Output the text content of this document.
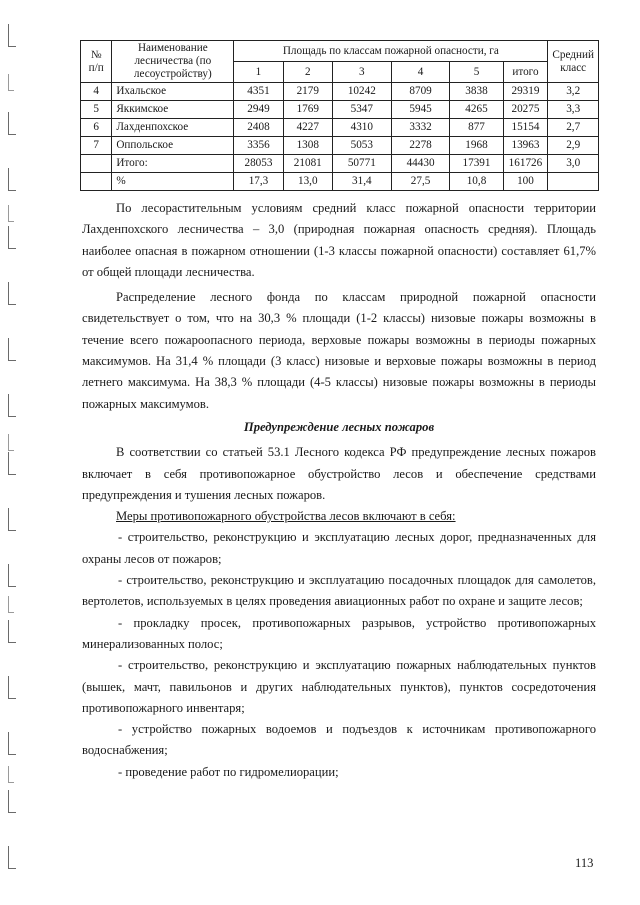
№ п/п	Наименование лесничества (по лесоустройству)	Площадь по классам пожарной опасности, га						Средний класс
		1	2	3	4	5	итого	
4	Ихальское	4351	2179	10242	8709	3838	29319	3,2
5	Яккимское	2949	1769	5347	5945	4265	20275	3,3
6	Лахденпохское	2408	4227	4310	3332	877	15154	2,7
7	Оппольское	3356	1308	5053	2278	1968	13963	2,9
	Итого:	28053	21081	50771	44430	17391	161726	3,0
	%	17,3	13,0	31,4	27,5	10,8	100	

По лесорастительным условиям средний класс пожарной опасности территории Лахденпохского лесничества – 3,0 (природная пожарная опасность средняя). Площадь наиболее опасная в пожарном отношении (1-3 классы пожарной опасности) составляет 61,7% от общей площади лесничества.

Распределение лесного фонда по классам природной пожарной опасности свидетельствует о том, что на 30,3 % площади (1-2 классы) низовые пожары возможны в течение всего пожароопасного периода, верховые пожары возможны в периоды пожарных максимумов. На 31,4 % площади (3 класс) низовые и верховые пожары возможны в период летнего максимума. На 38,3 % площади (4-5 классы) низовые пожары возможны в периоды пожарных максимумов.

Предупреждение лесных пожаров

В соответствии со статьей 53.1 Лесного кодекса РФ предупреждение лесных пожаров включает в себя противопожарное обустройство лесов и обеспечение средствами предупреждения и тушения лесных пожаров.

Меры противопожарного обустройства лесов включают в себя:

- строительство, реконструкцию и эксплуатацию лесных дорог, предназначенных для охраны лесов от пожаров;

- строительство, реконструкцию и эксплуатацию посадочных площадок для самолетов, вертолетов, используемых в целях проведения авиационных работ по охране и защите лесов;

- прокладку просек, противопожарных разрывов, устройство противопожарных минерализованных полос;

- строительство, реконструкцию и эксплуатацию пожарных наблюдательных пунктов (вышек, мачт, павильонов и других наблюдательных пунктов), пунктов сосредоточения противопожарного инвентаря;

- устройство пожарных водоемов и подъездов к источникам противопожарного водоснабжения;

- проведение работ по гидромелиорации;

113
